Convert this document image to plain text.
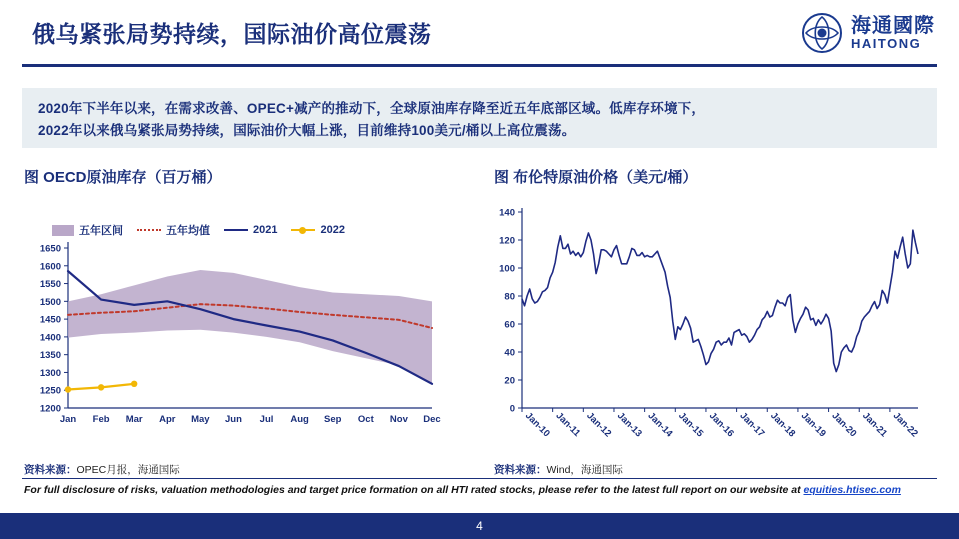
俄乌紧张局势持续，国际油价高位震荡	海通國際
HAITONG

2020年下半年以来，在需求改善、OPEC+减产的推动下，全球原油库存降至近五年底部区域。低库存环境下，

2022年以来俄乌紧张局势持续，国际油价大幅上涨，目前维持100美元/桶以上高位震荡。

图 OECD原油库存（百万桶）	图 布伦特原油价格（美元/桶）
五年区间	五年均值	2021	2022
1200
1250
1300
1350
1400
1450
1500
1550
1600
1650
Jan Feb Mar Apr May Jun Jul Aug Sep Oct Nov Dec
0
20
40
60
80
100
120
140
Jan-10 Jan-11 Jan-12 Jan-13 Jan-14 Jan-15 Jan-16 Jan-17 Jan-18 Jan-19 Jan-20 Jan-21 Jan-22
资料来源：OPEC月报，海通国际	资料来源：Wind，海通国际
For full disclosure of risks, valuation methodologies and target price formation on all HTI rated stocks, please refer to the latest full report on our website at equities.htisec.com
4
